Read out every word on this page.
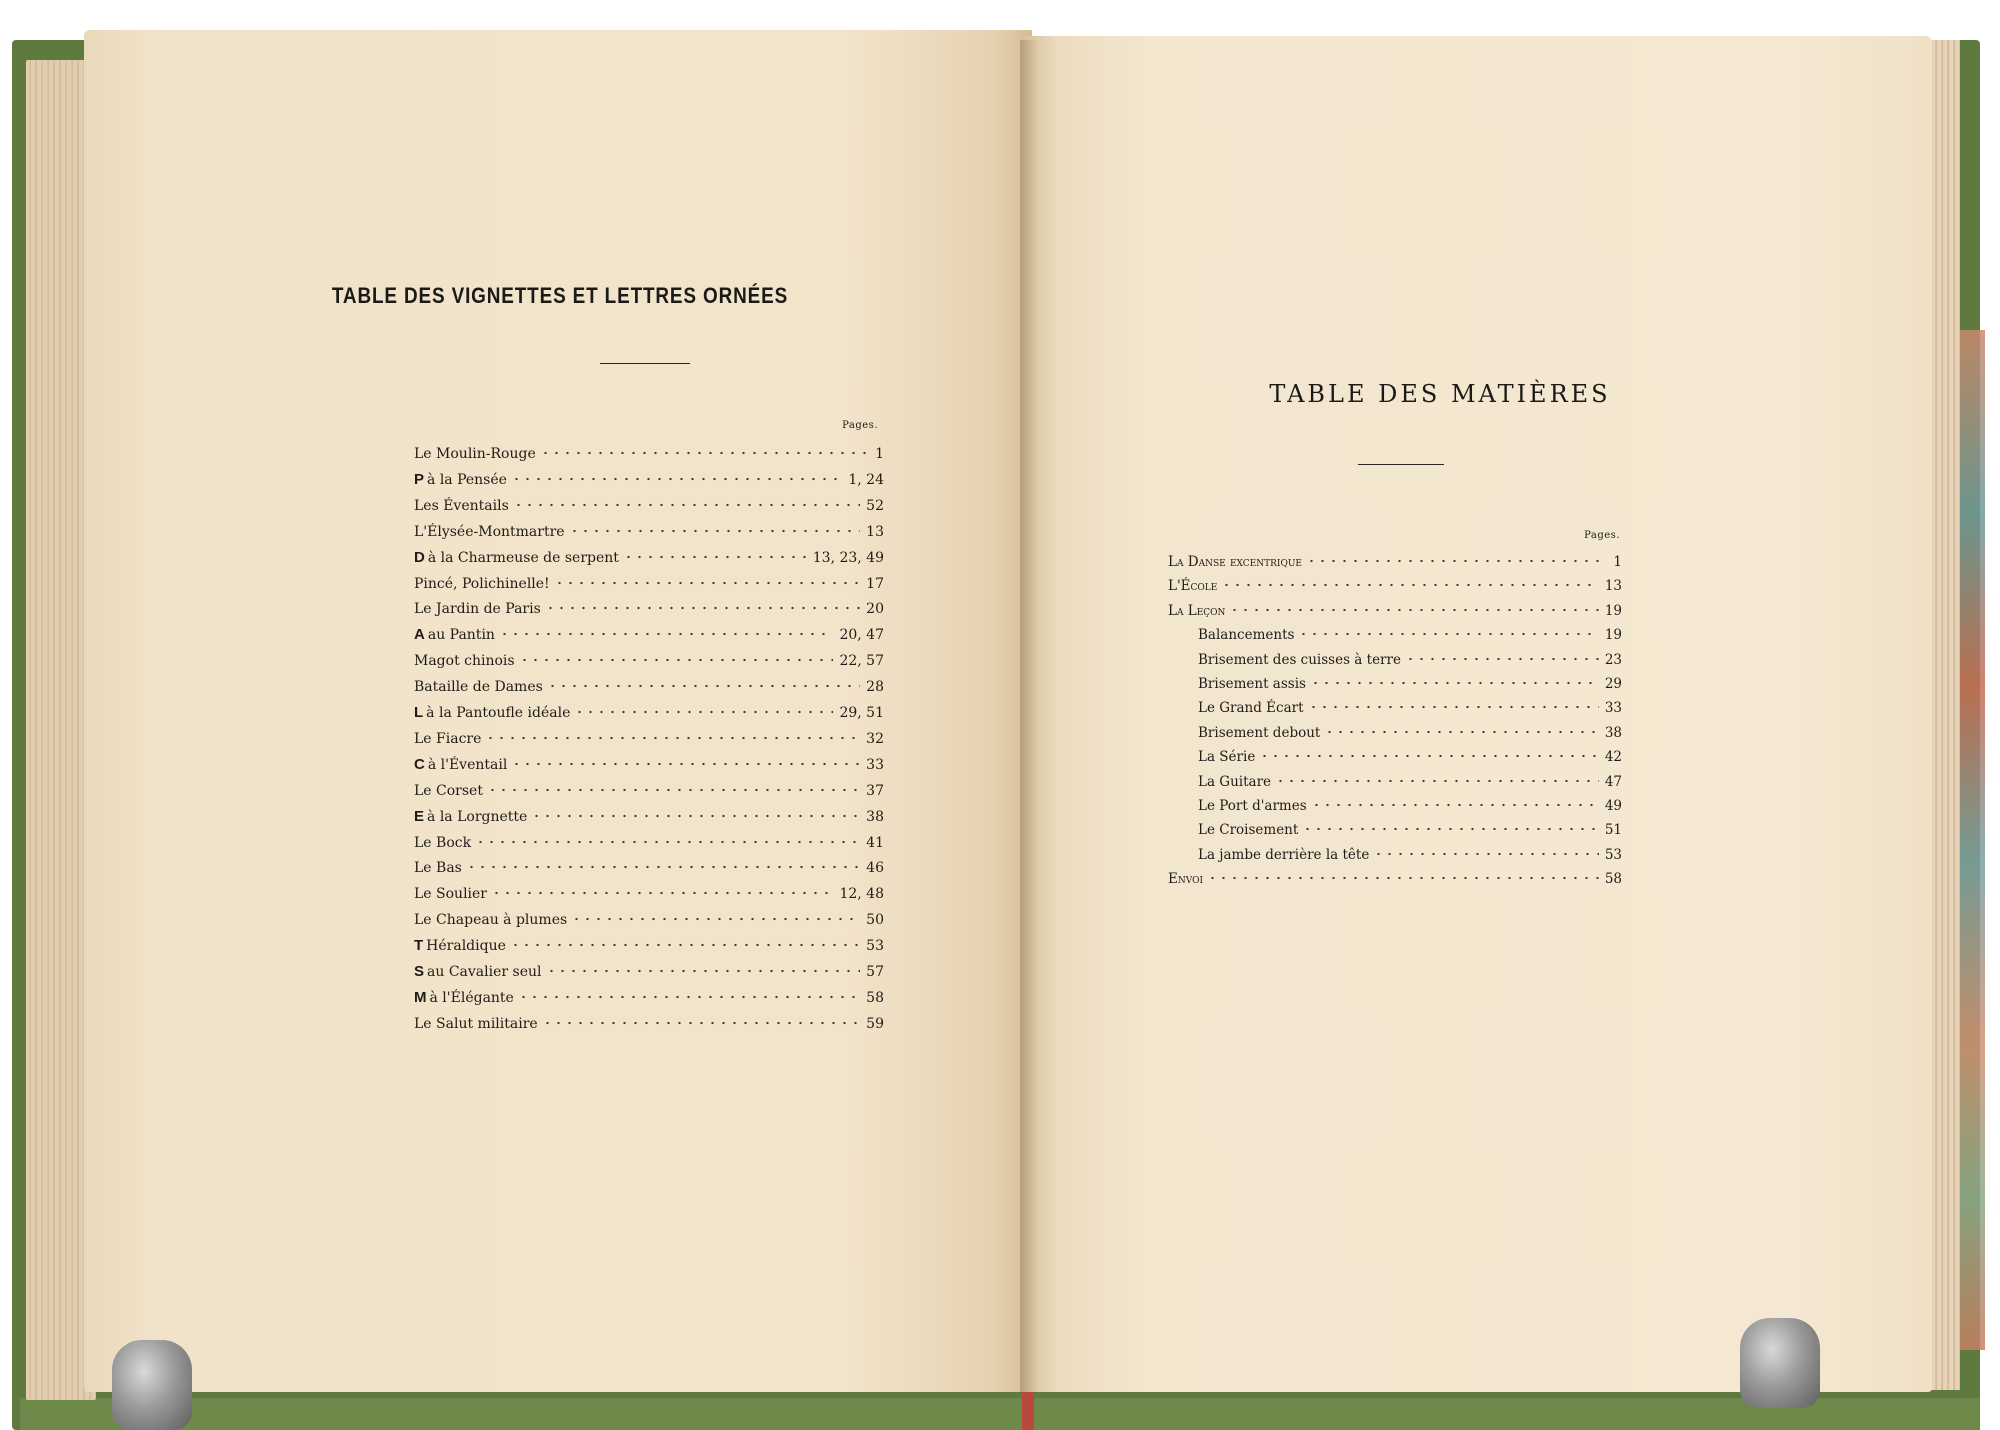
TABLE DES VIGNETTES ET LETTRES ORNÉES
Pages.
Le Moulin-Rouge	1
P à la Pensée	1, 24
Les Éventails	52
L'Élysée-Montmartre	13
D à la Charmeuse de serpent	13, 23, 49
Pincé, Polichinelle!	17
Le Jardin de Paris	20
A au Pantin	20, 47
Magot chinois	22, 57
Bataille de Dames	28
L à la Pantoufle idéale	29, 51
Le Fiacre	32
C à l'Éventail	33
Le Corset	37
E à la Lorgnette	38
Le Bock	41
Le Bas	46
Le Soulier	12, 48
Le Chapeau à plumes	50
T Héraldique	53
S au Cavalier seul	57
M à l'Élégante	58
Le Salut militaire	59
TABLE DES MATIÈRES
Pages.
La Danse excentrique	1
L'École	13
La Leçon	19
Balancements	19
Brisement des cuisses à terre	23
Brisement assis	29
Le Grand Écart	33
Brisement debout	38
La Série	42
La Guitare	47
Le Port d'armes	49
Le Croisement	51
La jambe derrière la tête	53
Envoi	58
